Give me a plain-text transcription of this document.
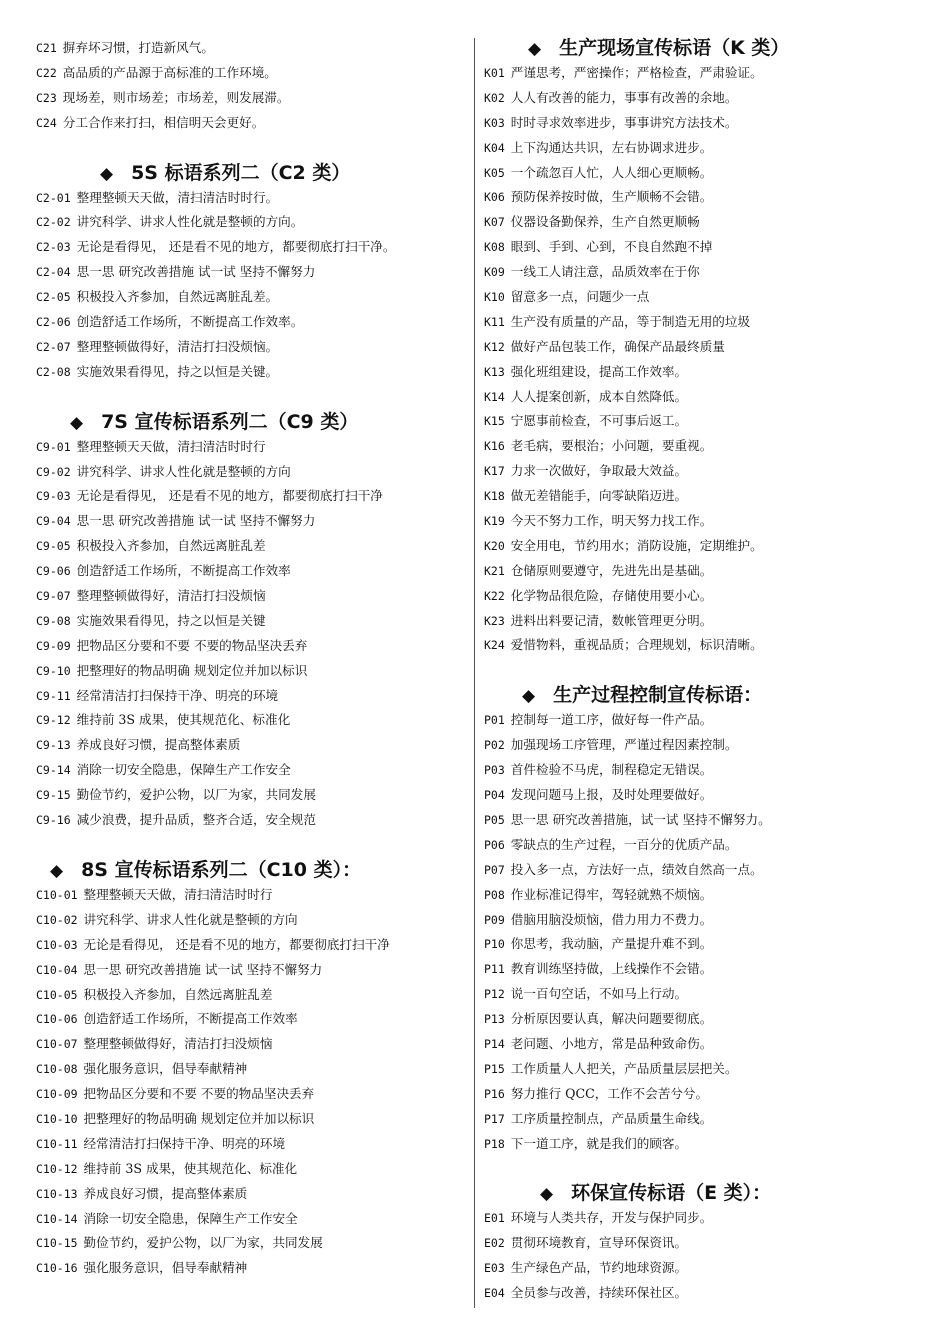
C21 摒弃坏习惯，打造新风气。
C22 高品质的产品源于高标准的工作环境。
C23 现场差，则市场差；市场差，则发展滞。
C24 分工合作来打扫，相信明天会更好。
◆ 5S 标语系列二（C2 类）
C2-01 整理整顿天天做，清扫清洁时时行。
C2-02 讲究科学、讲求人性化就是整顿的方向。
C2-03 无论是看得见， 还是看不见的地方，都要彻底打扫干净。
C2-04 思一思 研究改善措施 试一试 坚持不懈努力
C2-05 积极投入齐参加，自然远离脏乱差。
C2-06 创造舒适工作场所，不断提高工作效率。
C2-07 整理整顿做得好，清洁打扫没烦恼。
C2-08 实施效果看得见，持之以恒是关键。
◆ 7S 宣传标语系列二（C9 类）
C9-01 整理整顿天天做，清扫清洁时时行
C9-02 讲究科学、讲求人性化就是整顿的方向
C9-03 无论是看得见， 还是看不见的地方，都要彻底打扫干净
C9-04 思一思 研究改善措施 试一试 坚持不懈努力
C9-05 积极投入齐参加，自然远离脏乱差
C9-06 创造舒适工作场所，不断提高工作效率
C9-07 整理整顿做得好，清洁打扫没烦恼
C9-08 实施效果看得见，持之以恒是关键
C9-09 把物品区分要和不要 不要的物品坚决丢弃
C9-10 把整理好的物品明确 规划定位并加以标识
C9-11 经常清洁打扫保持干净、明亮的环境
C9-12 维持前 3S 成果，使其规范化、标准化
C9-13 养成良好习惯，提高整体素质
C9-14 消除一切安全隐患，保障生产工作安全
C9-15 勤俭节约，爱护公物，以厂为家，共同发展
C9-16 减少浪费，提升品质，整齐合适，安全规范
◆ 8S 宣传标语系列二（C10 类）：
C10-01 整理整顿天天做，清扫清洁时时行
C10-02 讲究科学、讲求人性化就是整顿的方向
C10-03 无论是看得见， 还是看不见的地方，都要彻底打扫干净
C10-04 思一思 研究改善措施 试一试 坚持不懈努力
C10-05 积极投入齐参加，自然远离脏乱差
C10-06 创造舒适工作场所，不断提高工作效率
C10-07 整理整顿做得好，清洁打扫没烦恼
C10-08 强化服务意识，倡导奉献精神
C10-09 把物品区分要和不要 不要的物品坚决丢弃
C10-10 把整理好的物品明确 规划定位并加以标识
C10-11 经常清洁打扫保持干净、明亮的环境
C10-12 维持前 3S 成果，使其规范化、标准化
C10-13 养成良好习惯，提高整体素质
C10-14 消除一切安全隐患，保障生产工作安全
C10-15 勤俭节约，爱护公物，以厂为家，共同发展
C10-16 强化服务意识，倡导奉献精神
◆ 生产现场宣传标语（K 类）
K01 严谨思考，严密操作；严格检查，严肃验证。
K02 人人有改善的能力，事事有改善的余地。
K03 时时寻求效率进步，事事讲究方法技术。
K04 上下沟通达共识，左右协调求进步。
K05 一个疏忽百人忙，人人细心更顺畅。
K06 预防保养按时做，生产顺畅不会错。
K07 仪器设备勤保养，生产自然更顺畅
K08 眼到、手到、心到，不良自然跑不掉
K09 一线工人请注意，品质效率在于你
K10 留意多一点，问题少一点
K11 生产没有质量的产品，等于制造无用的垃圾
K12 做好产品包装工作，确保产品最终质量
K13 强化班组建设，提高工作效率。
K14 人人提案创新，成本自然降低。
K15 宁愿事前检查，不可事后返工。
K16 老毛病，要根治；小问题，要重视。
K17 力求一次做好，争取最大效益。
K18 做无差错能手，向零缺陷迈进。
K19 今天不努力工作，明天努力找工作。
K20 安全用电，节约用水；消防设施，定期维护。
K21 仓储原则要遵守，先进先出是基础。
K22 化学物品很危险，存储使用要小心。
K23 进料出料要记清，数帐管理更分明。
K24 爱惜物料，重视品质；合理规划，标识清晰。
◆ 生产过程控制宣传标语：
P01 控制每一道工序，做好每一件产品。
P02 加强现场工序管理，严谨过程因素控制。
P03 首件检验不马虎，制程稳定无错误。
P04 发现问题马上报，及时处理要做好。
P05 思一思 研究改善措施，试一试 坚持不懈努力。
P06 零缺点的生产过程，一百分的优质产品。
P07 投入多一点，方法好一点，绩效自然高一点。
P08 作业标准记得牢，驾轻就熟不烦恼。
P09 借脑用脑没烦恼，借力用力不费力。
P10 你思考，我动脑，产量提升难不到。
P11 教育训练坚持做，上线操作不会错。
P12 说一百句空话，不如马上行动。
P13 分析原因要认真，解决问题要彻底。
P14 老问题、小地方，常是品种致命伤。
P15 工作质量人人把关，产品质量层层把关。
P16 努力推行 QCC，工作不会苦兮兮。
P17 工序质量控制点，产品质量生命线。
P18 下一道工序，就是我们的顾客。
◆ 环保宣传标语（E 类）：
E01 环境与人类共存，开发与保护同步。
E02 贯彻环境教育，宣导环保资讯。
E03 生产绿色产品，节约地球资源。
E04 全员参与改善，持续环保社区。
